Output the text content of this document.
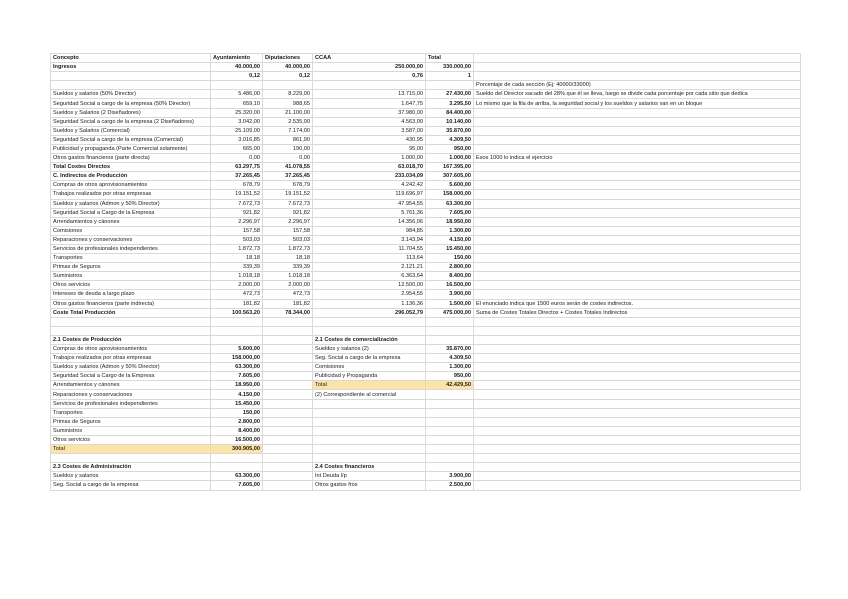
Concepto	Ayuntamiento	Diputaciones	CCAA	Total	
Ingresos	40.000,00	40.000,00	250.000,00	330.000,00	
	0,12	0,12	0,76	1	
					Porcentaje de cada sección (Ej: 40000/33000)
Sueldos y salarios (50% Director)	5.486,00	8.229,00	13.715,00	27.430,00	Sueldo del Director sacado del 28% que él se lleva, luego se divide cada porcentaje por cada sitio que dedica
Seguridad Social a cargo de la empresa (50% Director)	659,10	988,65	1.647,75	3.295,50	Lo mismo que la fila de arriba, la seguridad social y los sueldos y salarios van en un bloque
Sueldos y Salarios (2 Diseñadores)	25.320,00	21.100,00	37.980,00	84.400,00	
Seguridad Social a cargo de la empresa (2 Diseñadores)	3.042,00	2.535,00	4.563,00	10.140,00	
Sueldos y Salarios (Comercial)	25.109,00	7.174,00	3.587,00	35.870,00	
Seguridad Social a cargo de la empresa (Comercial)	3.016,85	861,90	430,95	4.309,50	
Publicidad y propaganda (Parte Comercial solamente)	665,00	190,00	95,00	950,00	
Otros gastos financieros (parte directa)	0,00	0,00	1.000,00	1.000,00	Esos 1000 lo indica el ejercicio
Total Costes Directos	63.297,75	41.078,55	63.018,70	167.395,00	
C. Indirectos de Producción	37.265,45	37.265,45	233.034,09	307.605,00	
Compras de otros aprovisionamientos	678,79	678,79	4.242,42	5.600,00	
Trabajos realizados por otras empresas	19.151,52	19.151,52	119.696,97	158.000,00	
Sueldos y salarios (Admon y 50% Director)	7.672,73	7.672,73	47.954,55	63.300,00	
Seguridad Social a Cargo de la Empresa	921,82	921,82	5.761,36	7.605,00	
Arrendamientos y cánones	2.296,97	2.296,97	14.356,06	18.950,00	
Comisiones	157,58	157,58	984,85	1.300,00	
Reparaciones y conservaciones	503,03	503,03	3.143,94	4.150,00	
Servicios de profesionales independientes	1.872,73	1.872,73	11.704,55	15.450,00	
Transportes	18,18	18,18	113,64	150,00	
Primas de Seguros	339,39	339,39	2.121,21	2.800,00	
Suministros	1.018,18	1.018,18	6.363,64	8.400,00	
Otros servicios	2.000,00	2.000,00	12.500,00	16.500,00	
Intereses de deuda a largo plazo	472,73	472,73	2.954,55	3.900,00	
Otros gastos financieros (parte indirecta)	181,82	181,82	1.136,36	1.500,00	El enunciado indica que 1500 euros serán de costes indirectos.
Coste Total Producción	100.563,20	78.344,00	296.052,79	475.000,00	Suma de Costes Totales Directos + Costes Totales Indirectos

2.1 Costes de Producción			2.1 Costes de comercialización		
Compras de otros aprovisionamientos	5.600,00		Sueldos y salarios (2)	35.870,00	
Trabajos realizados por otras empresas	158.000,00		Seg. Social a cargo de la empresa	4.309,50	
Sueldos y salarios (Admon y 50% Director)	63.300,00		Comisiones	1.300,00	
Seguridad Social a Cargo de la Empresa	7.605,00		Publicidad y Propaganda	950,00	
Arrendamientos y cánones	18.950,00		Total	42.429,50	
Reparaciones y conservaciones	4.150,00		(2) Correspondiente al comercial		
Servicios de profesionales independientes	15.450,00				
Transportes	150,00				
Primas de Seguros	2.800,00				
Suministros	8.400,00				
Otros servicios	16.500,00				
Total	300.905,00				

2.3 Costes de Administración			2.4 Costes financieros		
Sueldos y salarios	63.300,00		Int Deuda l/p	3.900,00	
Seg. Social a cargo de la empresa	7.605,00		Otros gastos fros	2.500,00	
